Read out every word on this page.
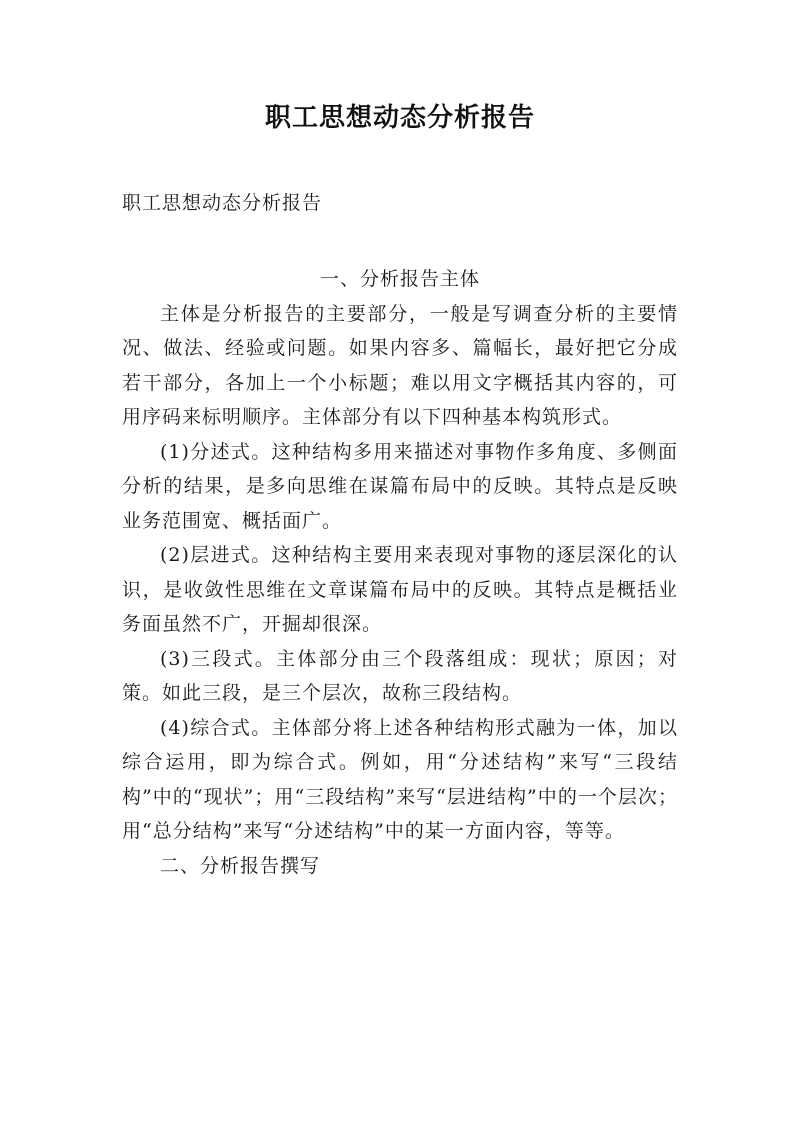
职工思想动态分析报告
职工思想动态分析报告

一、分析报告主体

主体是分析报告的主要部分，一般是写调查分析的主要情况、做法、经验或问题。如果内容多、篇幅长，最好把它分成若干部分，各加上一个小标题；难以用文字概括其内容的，可用序码来标明顺序。主体部分有以下四种基本构筑形式。

(1)分述式。这种结构多用来描述对事物作多角度、多侧面分析的结果，是多向思维在谋篇布局中的反映。其特点是反映业务范围宽、概括面广。

(2)层进式。这种结构主要用来表现对事物的逐层深化的认识，是收敛性思维在文章谋篇布局中的反映。其特点是概括业务面虽然不广，开掘却很深。

(3)三段式。主体部分由三个段落组成：现状；原因；对策。如此三段，是三个层次，故称三段结构。

(4)综合式。主体部分将上述各种结构形式融为一体，加以综合运用，即为综合式。例如，用“分述结构”来写“三段结构”中的“现状”；用“三段结构”来写“层进结构”中的一个层次；用“总分结构”来写“分述结构”中的某一方面内容，等等。

二、分析报告撰写
